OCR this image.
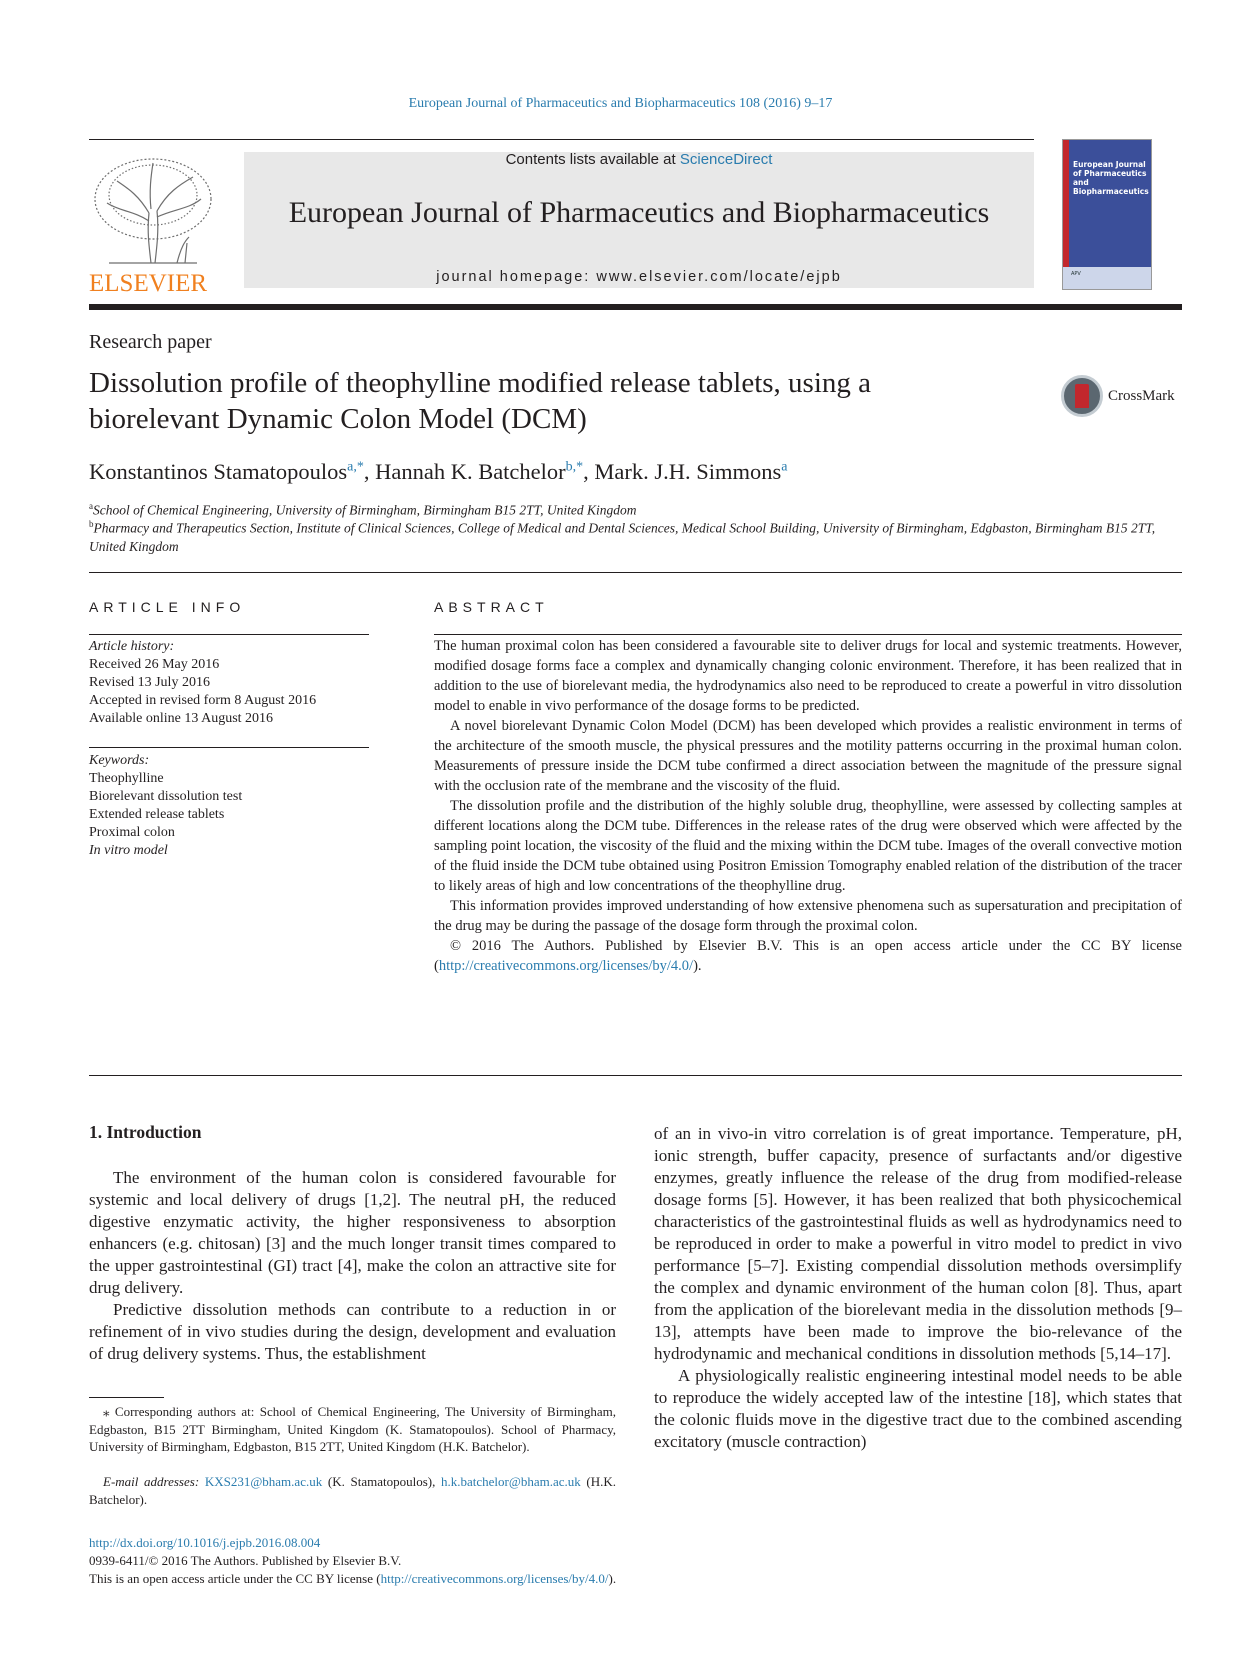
European Journal of Pharmaceutics and Biopharmaceutics 108 (2016) 9–17
ELSEVIER
Contents lists available at ScienceDirect
European Journal of Pharmaceutics and Biopharmaceutics
journal homepage: www.elsevier.com/locate/ejpb
European Journal of Pharmaceutics and Biopharmaceutics
APV
Research paper
Dissolution profile of theophylline modified release tablets, using a
biorelevant Dynamic Colon Model (DCM)
CrossMark
Konstantinos Stamatopoulos$^{a,*}$, Hannah K. Batchelor$^{b,*}$, Mark. J.H. Simmons$^a$
$^a$School of Chemical Engineering, University of Birmingham, Birmingham B15 2TT, United Kingdom
$^b$Pharmacy and Therapeutics Section, Institute of Clinical Sciences, College of Medical and Dental Sciences, Medical School Building, University of Birmingham, Edgbaston, Birmingham B15 2TT, United Kingdom
ARTICLE INFO
Article history:
Received 26 May 2016
Revised 13 July 2016
Accepted in revised form 8 August 2016
Available online 13 August 2016
Keywords:
Theophylline
Biorelevant dissolution test
Extended release tablets
Proximal colon
In vitro model
ABSTRACT

The human proximal colon has been considered a favourable site to deliver drugs for local and systemic treatments. However, modified dosage forms face a complex and dynamically changing colonic environment. Therefore, it has been realized that in addition to the use of biorelevant media, the hydrodynamics also need to be reproduced to create a powerful in vitro dissolution model to enable in vivo performance of the dosage forms to be predicted.

A novel biorelevant Dynamic Colon Model (DCM) has been developed which provides a realistic environment in terms of the architecture of the smooth muscle, the physical pressures and the motility patterns occurring in the proximal human colon. Measurements of pressure inside the DCM tube confirmed a direct association between the magnitude of the pressure signal with the occlusion rate of the membrane and the viscosity of the fluid.

The dissolution profile and the distribution of the highly soluble drug, theophylline, were assessed by collecting samples at different locations along the DCM tube. Differences in the release rates of the drug were observed which were affected by the sampling point location, the viscosity of the fluid and the mixing within the DCM tube. Images of the overall convective motion of the fluid inside the DCM tube obtained using Positron Emission Tomography enabled relation of the distribution of the tracer to likely areas of high and low concentrations of the theophylline drug.

This information provides improved understanding of how extensive phenomena such as supersaturation and precipitation of the drug may be during the passage of the dosage form through the proximal colon.

© 2016 The Authors. Published by Elsevier B.V. This is an open access article under the CC BY license (http://creativecommons.org/licenses/by/4.0/).

1. Introduction

The environment of the human colon is considered favourable for systemic and local delivery of drugs [1,2]. The neutral pH, the reduced digestive enzymatic activity, the higher responsiveness to absorption enhancers (e.g. chitosan) [3] and the much longer transit times compared to the upper gastrointestinal (GI) tract [4], make the colon an attractive site for drug delivery.

Predictive dissolution methods can contribute to a reduction in or refinement of in vivo studies during the design, development and evaluation of drug delivery systems. Thus, the establishment

of an in vivo-in vitro correlation is of great importance. Temperature, pH, ionic strength, buffer capacity, presence of surfactants and/or digestive enzymes, greatly influence the release of the drug from modified-release dosage forms [5]. However, it has been realized that both physicochemical characteristics of the gastrointestinal fluids as well as hydrodynamics need to be reproduced in order to make a powerful in vitro model to predict in vivo performance [5–7]. Existing compendial dissolution methods oversimplify the complex and dynamic environment of the human colon [8]. Thus, apart from the application of the biorelevant media in the dissolution methods [9–13], attempts have been made to improve the bio-relevance of the hydrodynamic and mechanical conditions in dissolution methods [5,14–17].

A physiologically realistic engineering intestinal model needs to be able to reproduce the widely accepted law of the intestine [18], which states that the colonic fluids move in the digestive tract due to the combined ascending excitatory (muscle contraction)

⁎ Corresponding authors at: School of Chemical Engineering, The University of Birmingham, Edgbaston, B15 2TT Birmingham, United Kingdom (K. Stamatopoulos). School of Pharmacy, University of Birmingham, Edgbaston, B15 2TT, United Kingdom (H.K. Batchelor).
E-mail addresses: KXS231@bham.ac.uk (K. Stamatopoulos), h.k.batchelor@bham.ac.uk (H.K. Batchelor).
http://dx.doi.org/10.1016/j.ejpb.2016.08.004
0939-6411/© 2016 The Authors. Published by Elsevier B.V.
This is an open access article under the CC BY license (http://creativecommons.org/licenses/by/4.0/).
